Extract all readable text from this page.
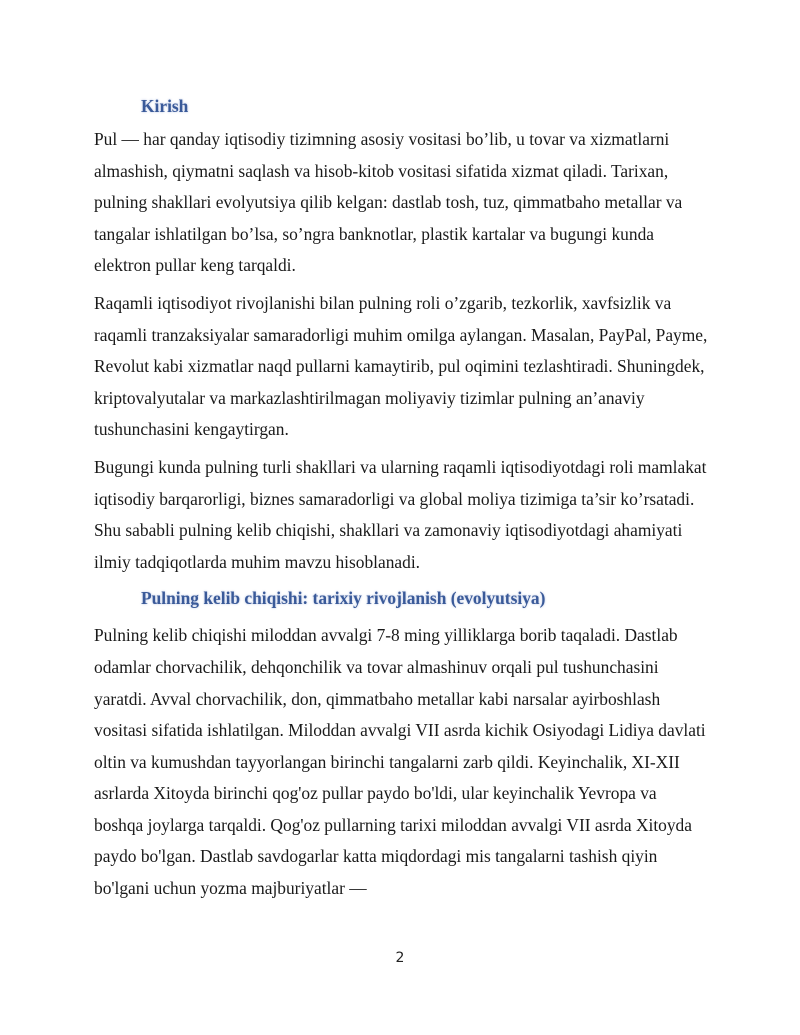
Kirish

Pul — har qanday iqtisodiy tizimning asosiy vositasi bo’lib, u tovar va xizmatlarni almashish, qiymatni saqlash va hisob-kitob vositasi sifatida xizmat qiladi. Tarixan, pulning shakllari evolyutsiya qilib kelgan: dastlab tosh, tuz, qimmatbaho metallar va tangalar ishlatilgan bo’lsa, so’ngra banknotlar, plastik kartalar va bugungi kunda elektron pullar keng tarqaldi.

Raqamli iqtisodiyot rivojlanishi bilan pulning roli o’zgarib, tezkorlik, xavfsizlik va raqamli tranzaksiyalar samaradorligi muhim omilga aylangan. Masalan, PayPal, Payme, Revolut kabi xizmatlar naqd pullarni kamaytirib, pul oqimini tezlashtiradi. Shuningdek, kriptovalyutalar va markazlashtirilmagan moliyaviy tizimlar pulning an’anaviy tushunchasini kengaytirgan.

Bugungi kunda pulning turli shakllari va ularning raqamli iqtisodiyotdagi roli mamlakat iqtisodiy barqarorligi, biznes samaradorligi va global moliya tizimiga ta’sir ko’rsatadi. Shu sababli pulning kelib chiqishi, shakllari va zamonaviy iqtisodiyotdagi ahamiyati ilmiy tadqiqotlarda muhim mavzu hisoblanadi.

Pulning kelib chiqishi: tarixiy rivojlanish (evolyutsiya)

Pulning kelib chiqishi miloddan avvalgi 7-8 ming yilliklarga borib taqaladi. Dastlab odamlar chorvachilik, dehqonchilik va tovar almashinuv orqali pul tushunchasini yaratdi. Avval chorvachilik, don, qimmatbaho metallar kabi narsalar ayirboshlash vositasi sifatida ishlatilgan. Miloddan avvalgi VII asrda kichik Osiyodagi Lidiya davlati oltin va kumushdan tayyorlangan birinchi tangalarni zarb qildi. Keyinchalik, XI-XII asrlarda Xitoyda birinchi qog'oz pullar paydo bo'ldi, ular keyinchalik Yevropa va boshqa joylarga tarqaldi. Qog'oz pullarning tarixi miloddan avvalgi VII asrda Xitoyda paydo bo'lgan. Dastlab savdogarlar katta miqdordagi mis tangalarni tashish qiyin bo'lgani uchun yozma majburiyatlar —

2
